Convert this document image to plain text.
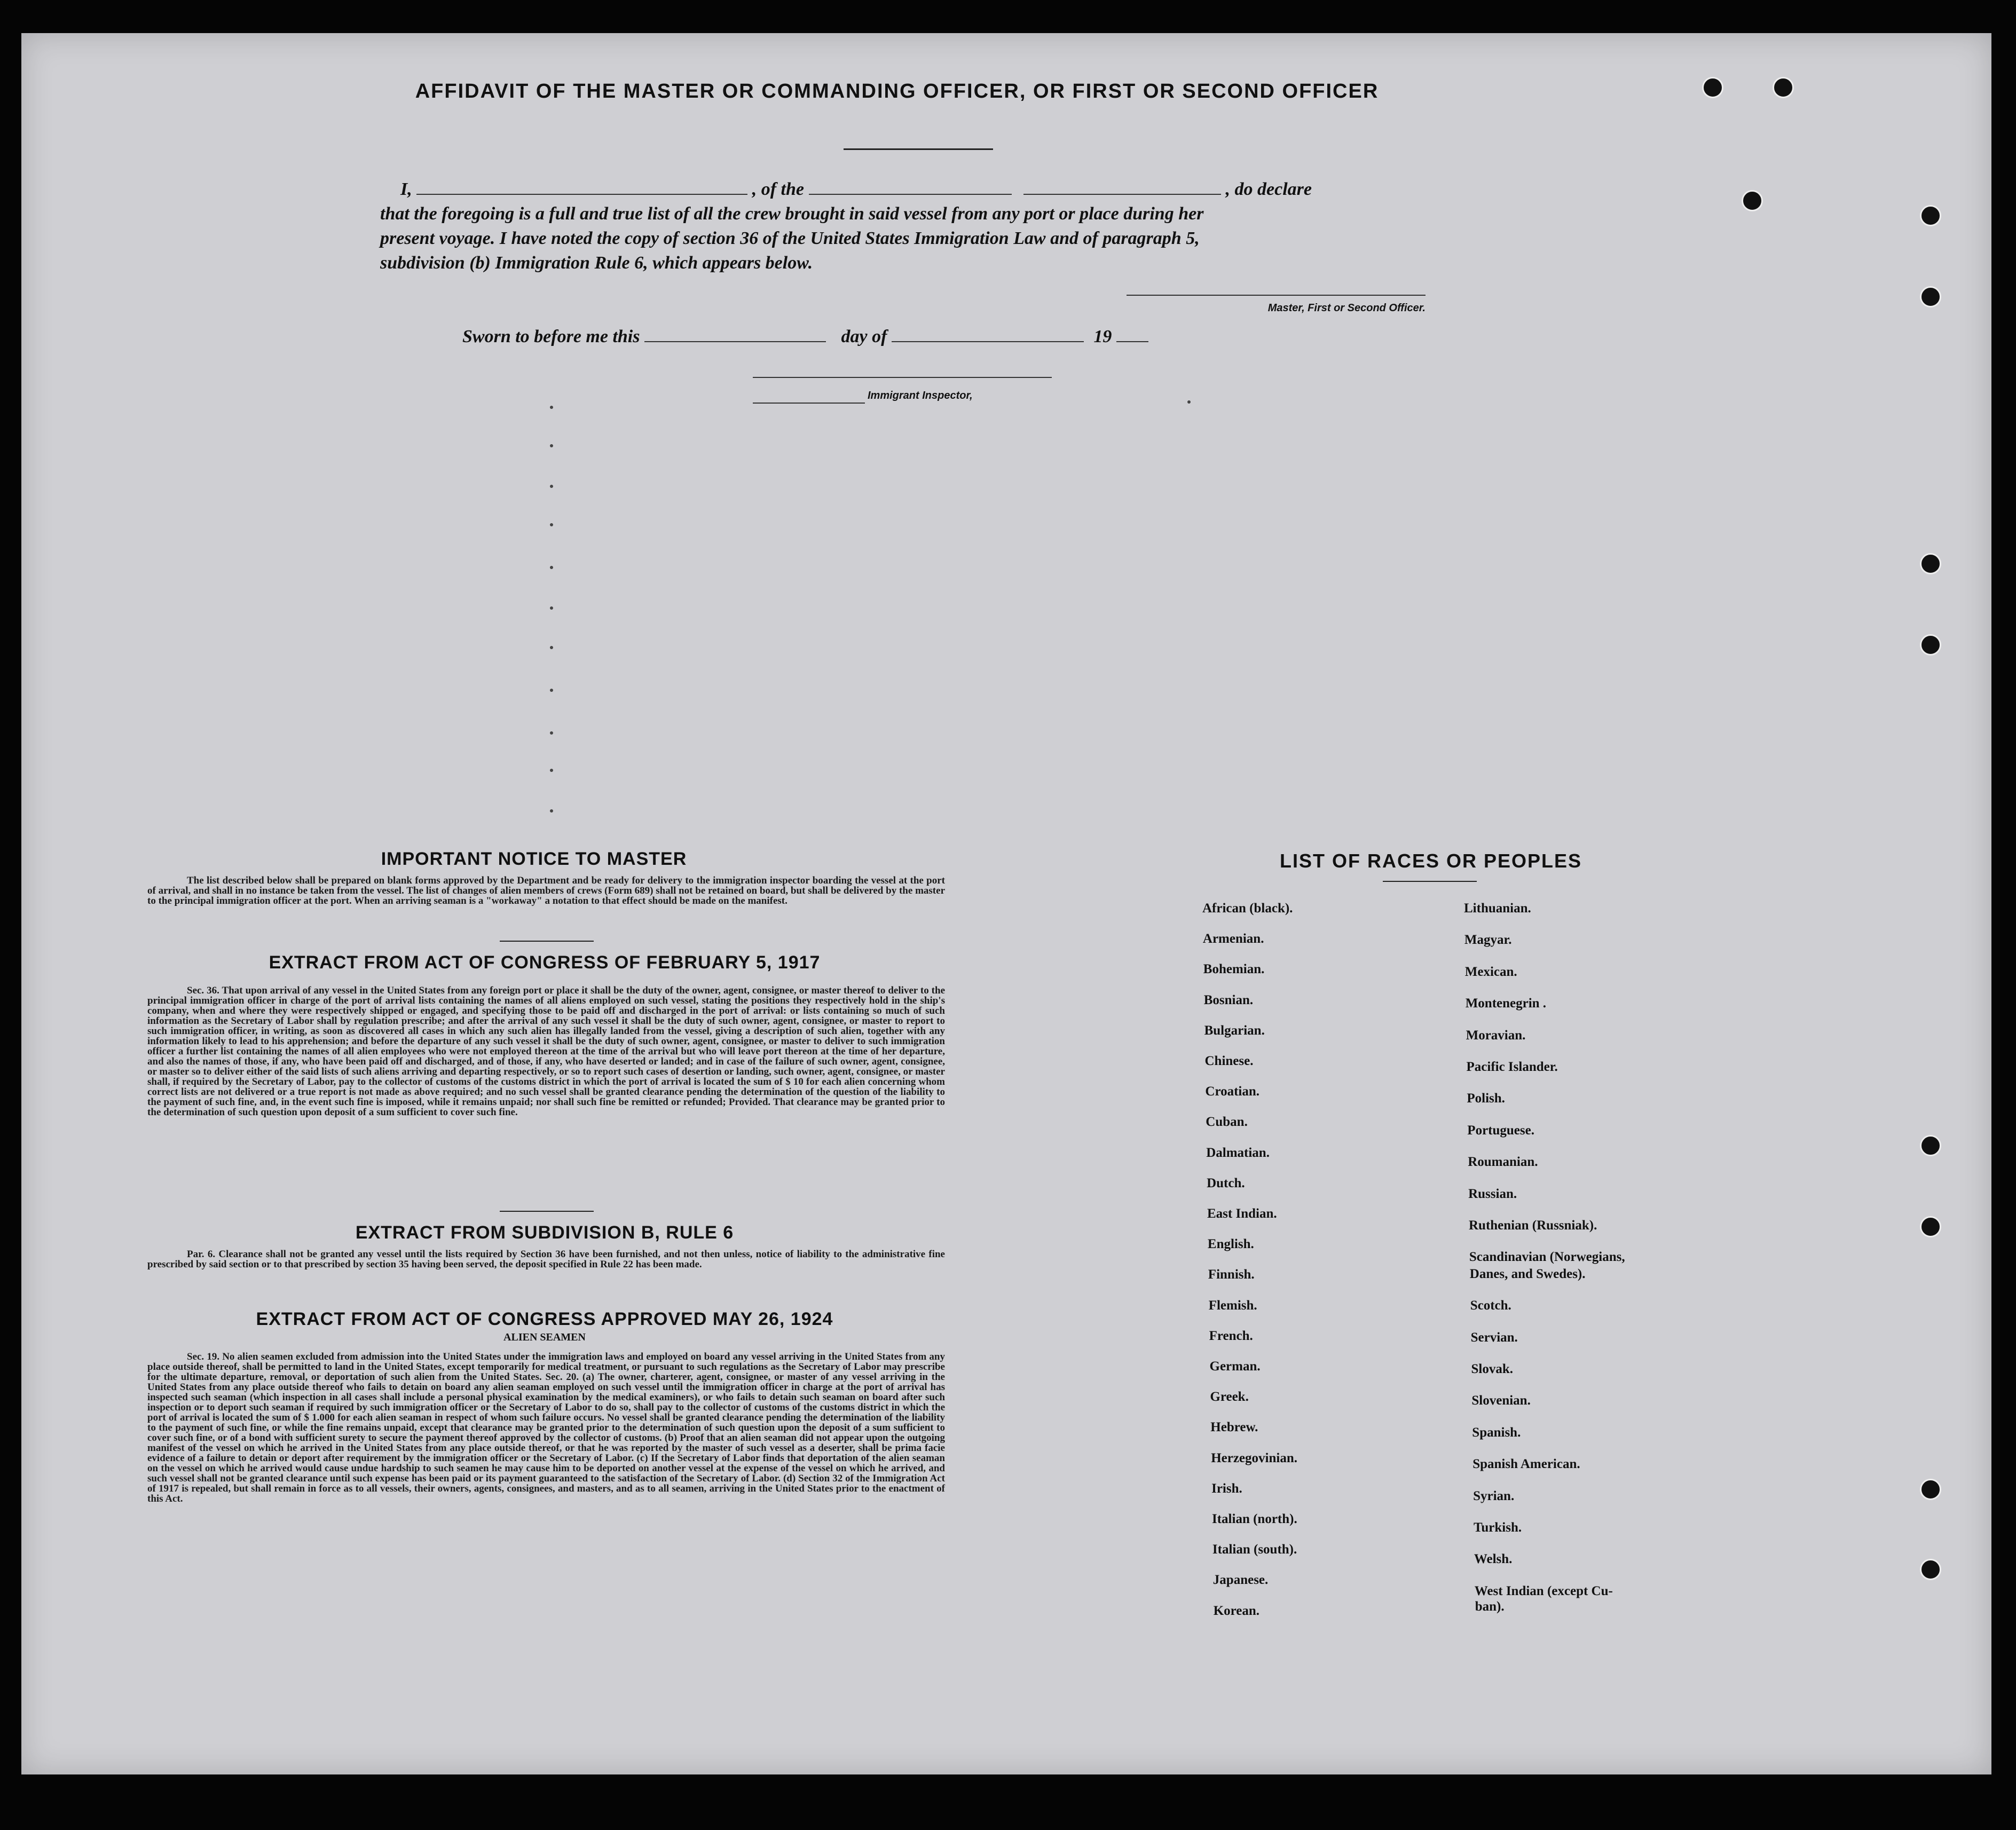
AFFIDAVIT OF THE MASTER OR COMMANDING OFFICER, OR FIRST OR SECOND OFFICER
I,	, of the	, do declare
that the foregoing is a full and true list of all the crew brought in said vessel from any port or place during her
present voyage. I have noted the copy of section 36 of the United States Immigration Law and of paragraph 5,
subdivision (b) Immigration Rule 6, which appears below.
Master, First or Second Officer.
Sworn to before me this	day of	19
Immigrant Inspector,
IMPORTANT NOTICE TO MASTER
The list described below shall be prepared on blank forms approved by the Department and be ready for delivery to the immigration inspector boarding the vessel at the port of arrival, and shall in no instance be taken from the vessel. The list of changes of alien members of crews (Form 689) shall not be retained on board, but shall be delivered by the master to the principal immigration officer at the port. When an arriving seaman is a "workaway" a notation to that effect should be made on the manifest.
EXTRACT FROM ACT OF CONGRESS OF FEBRUARY 5, 1917
Sec. 36. That upon arrival of any vessel in the United States from any foreign port or place it shall be the duty of the owner, agent, consignee, or master thereof to deliver to the principal immigration officer in charge of the port of arrival lists containing the names of all aliens employed on such vessel, stating the positions they respectively hold in the ship's company, when and where they were respectively shipped or engaged, and specifying those to be paid off and discharged in the port of arrival: or lists containing so much of such information as the Secretary of Labor shall by regulation prescribe; and after the arrival of any such vessel it shall be the duty of such owner, agent, consignee, or master to report to such immigration officer, in writing, as soon as discovered all cases in which any such alien has illegally landed from the vessel, giving a description of such alien, together with any information likely to lead to his apprehension; and before the departure of any such vessel it shall be the duty of such owner, agent, consignee, or master to deliver to such immigration officer a further list containing the names of all alien employees who were not employed thereon at the time of the arrival but who will leave port thereon at the time of her departure, and also the names of those, if any, who have been paid off and discharged, and of those, if any, who have deserted or landed; and in case of the failure of such owner, agent, consignee, or master so to deliver either of the said lists of such aliens arriving and departing respectively, or so to report such cases of desertion or landing, such owner, agent, consignee, or master shall, if required by the Secretary of Labor, pay to the collector of customs of the customs district in which the port of arrival is located the sum of $ 10 for each alien concerning whom correct lists are not delivered or a true report is not made as above required; and no such vessel shall be granted clearance pending the determination of the question of the liability to the payment of such fine, and, in the event such fine is imposed, while it remains unpaid; nor shall such fine be remitted or refunded; Provided. That clearance may be granted prior to the determination of such question upon deposit of a sum sufficient to cover such fine.
EXTRACT FROM SUBDIVISION B, RULE 6
Par. 6. Clearance shall not be granted any vessel until the lists required by Section 36 have been furnished, and not then unless, notice of liability to the administrative fine prescribed by said section or to that prescribed by section 35 having been served, the deposit specified in Rule 22 has been made.
EXTRACT FROM ACT OF CONGRESS APPROVED MAY 26, 1924
ALIEN SEAMEN
Sec. 19. No alien seamen excluded from admission into the United States under the immigration laws and employed on board any vessel arriving in the United States from any place outside thereof, shall be permitted to land in the United States, except temporarily for medical treatment, or pursuant to such regulations as the Secretary of Labor may prescribe for the ultimate departure, removal, or deportation of such alien from the United States. Sec. 20. (a) The owner, charterer, agent, consignee, or master of any vessel arriving in the United States from any place outside thereof who fails to detain on board any alien seaman employed on such vessel until the immigration officer in charge at the port of arrival has inspected such seaman (which inspection in all cases shall include a personal physical examination by the medical examiners), or who fails to detain such seaman on board after such inspection or to deport such seaman if required by such immigration officer or the Secretary of Labor to do so, shall pay to the collector of customs of the customs district in which the port of arrival is located the sum of $ 1.000 for each alien seaman in respect of whom such failure occurs. No vessel shall be granted clearance pending the determination of the liability to the payment of such fine, or while the fine remains unpaid, except that clearance may be granted prior to the determination of such question upon the deposit of a sum sufficient to cover such fine, or of a bond with sufficient surety to secure the payment thereof approved by the collector of customs. (b) Proof that an alien seaman did not appear upon the outgoing manifest of the vessel on which he arrived in the United States from any place outside thereof, or that he was reported by the master of such vessel as a deserter, shall be prima facie evidence of a failure to detain or deport after requirement by the immigration officer or the Secretary of Labor. (c) If the Secretary of Labor finds that deportation of the alien seaman on the vessel on which he arrived would cause undue hardship to such seamen he may cause him to be deported on another vessel at the expense of the vessel on which he arrived, and such vessel shall not be granted clearance until such expense has been paid or its payment guaranteed to the satisfaction of the Secretary of Labor. (d) Section 32 of the Immigration Act of 1917 is repealed, but shall remain in force as to all vessels, their owners, agents, consignees, and masters, and as to all seamen, arriving in the United States prior to the enactment of this Act.
LIST OF RACES OR PEOPLES
African (black).
Armenian.
Bohemian.
Bosnian.
Bulgarian.
Chinese.
Croatian.
Cuban.
Dalmatian.
Dutch.
East Indian.
English.
Finnish.
Flemish.
French.
German.
Greek.
Hebrew.
Herzegovinian.
Irish.
Italian (north).
Italian (south).
Japanese.
Korean.
Lithuanian.
Magyar.
Mexican.
Montenegrin .
Moravian.
Pacific Islander.
Polish.
Portuguese.
Roumanian.
Russian.
Ruthenian (Russniak).
Scandinavian (Norwegians,
Danes, and Swedes).
Scotch.
Servian.
Slovak.
Slovenian.
Spanish.
Spanish American.
Syrian.
Turkish.
Welsh.
West Indian (except Cu-
ban).
